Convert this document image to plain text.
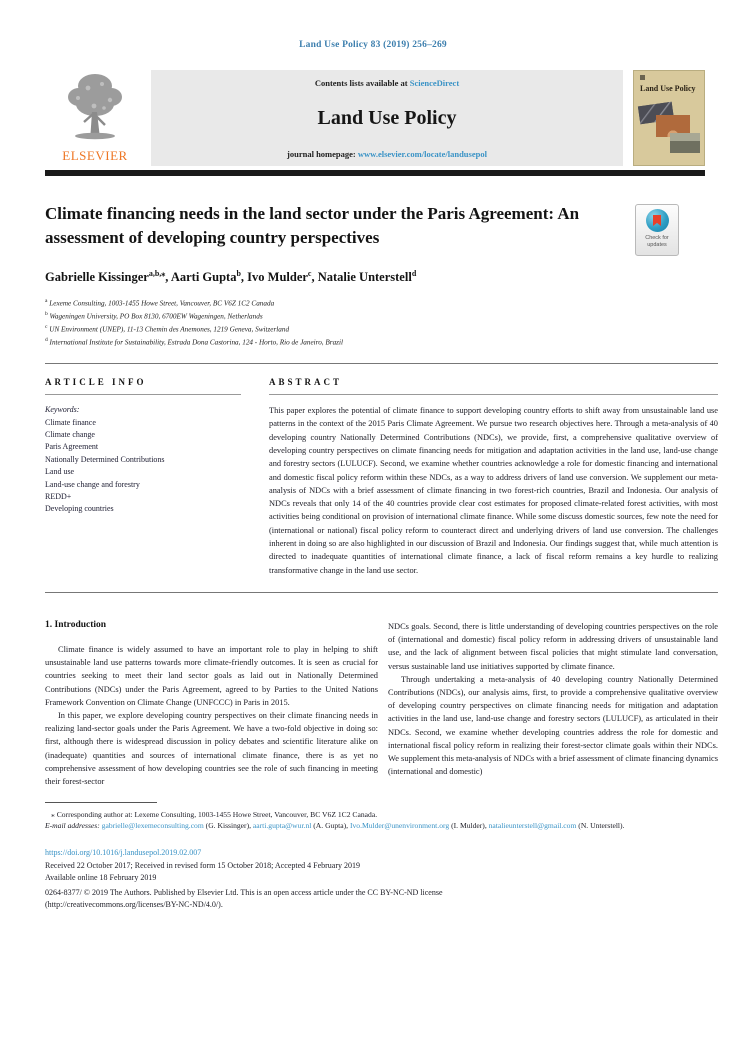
Land Use Policy 83 (2019) 256–269
ELSEVIER
Contents lists available at ScienceDirect
Land Use Policy
journal homepage: www.elsevier.com/locate/landusepol
Land Use Policy
Climate financing needs in the land sector under the Paris Agreement: An assessment of developing country perspectives	Check for updates
Gabrielle Kissinger$^{a,b,⁎}$, Aarti Gupta$^b$, Ivo Mulder$^c$, Natalie Unterstell$^d$
$^a$ Lexeme Consulting, 1003-1455 Howe Street, Vancouver, BC V6Z 1C2 Canada
$^b$ Wageningen University, PO Box 8130, 6700EW Wageningen, Netherlands
$^c$ UN Environment (UNEP), 11-13 Chemin des Anemones, 1219 Geneva, Switzerland
$^d$ International Institute for Sustainability, Estrada Dona Castorina, 124 - Horto, Rio de Janeiro, Brazil
ARTICLE INFO
Keywords:
Climate finance
Climate change
Paris Agreement
Nationally Determined Contributions
Land use
Land-use change and forestry
REDD+
Developing countries
ABSTRACT
This paper explores the potential of climate finance to support developing country efforts to shift away from unsustainable land use patterns in the context of the 2015 Paris Climate Agreement. We pursue two research objectives here. Through a meta-analysis of 40 developing country Nationally Determined Contributions (NDCs), we provide, first, a comprehensive qualitative overview of developing country perspectives on climate financing needs for mitigation and adaptation activities in the land use, land-use change and forestry sectors (LULUCF). Second, we examine whether countries acknowledge a role for domestic financing and international and domestic fiscal policy reform within these NDCs, as a way to address drivers of land use conversion. We supplement our meta-analysis of NDCs with a brief assessment of climate financing in two forest-rich countries, Brazil and Indonesia. Our analysis of NDCs reveals that only 14 of the 40 countries provide clear cost estimates for proposed climate-related forest activities, with most activities being conditional on provision of international climate finance. While some discuss domestic sources, few note the need for (international or national) fiscal policy reform to counteract direct and underlying drivers of land use conversion. The challenges inherent in doing so are also highlighted in our discussion of Brazil and Indonesia. Our findings suggest that, while much attention is directed to inadequate quantities of international climate finance, a lack of fiscal reform remains a key hurdle to realizing transformative change in the land use sector.
1. Introduction

Climate finance is widely assumed to have an important role to play in helping to shift unsustainable land use patterns towards more climate-friendly outcomes. It is seen as crucial for countries seeking to meet their land sector goals as laid out in Nationally Determined Contributions (NDCs) under the Paris Agreement, agreed to by Parties to the United Nations Framework Convention on Climate Change (UNFCCC) in Paris in 2015.

In this paper, we explore developing country perspectives on their climate financing needs in realizing land-sector goals under the Paris Agreement. We have a two-fold objective in doing so: first, although there is widespread discussion in policy debates and scientific literature alike on (inadequate) quantities and sources of international climate finance, there is as yet no comprehensive assessment of how developing countries see the role of such financing in meeting their forest-sector

NDCs goals. Second, there is little understanding of developing countries perspectives on the role of (international and domestic) fiscal policy reform in addressing drivers of unsustainable land use, and the lack of alignment between fiscal policies that might stimulate land conversation, versus sustainable land use initiatives supported by climate finance.

Through undertaking a meta-analysis of 40 developing country Nationally Determined Contributions (NDCs), our analysis aims, first, to provide a comprehensive qualitative overview of developing country perspectives on climate financing needs for mitigation and adaptation activities in the land use, land-use change and forestry sectors (LULUCF), as articulated in their NDCs. Second, we examine whether developing countries address the role for domestic and international fiscal policy reform in realizing their forest-sector climate goals within their NDCs. We supplement this meta-analysis of NDCs with a brief assessment of climate financing dynamics (international and domestic)

⁎ Corresponding author at: Lexeme Consulting, 1003-1455 Howe Street, Vancouver, BC V6Z 1C2 Canada.
E-mail addresses: gabrielle@lexemeconsulting.com (G. Kissinger), aarti.gupta@wur.nl (A. Gupta), Ivo.Mulder@unenvironment.org (I. Mulder), natalieunterstell@gmail.com (N. Unterstell).
https://doi.org/10.1016/j.landusepol.2019.02.007
Received 22 October 2017; Received in revised form 15 October 2018; Accepted 4 February 2019
Available online 18 February 2019
0264-8377/ © 2019 The Authors. Published by Elsevier Ltd. This is an open access article under the CC BY-NC-ND license
(http://creativecommons.org/licenses/BY-NC-ND/4.0/).
